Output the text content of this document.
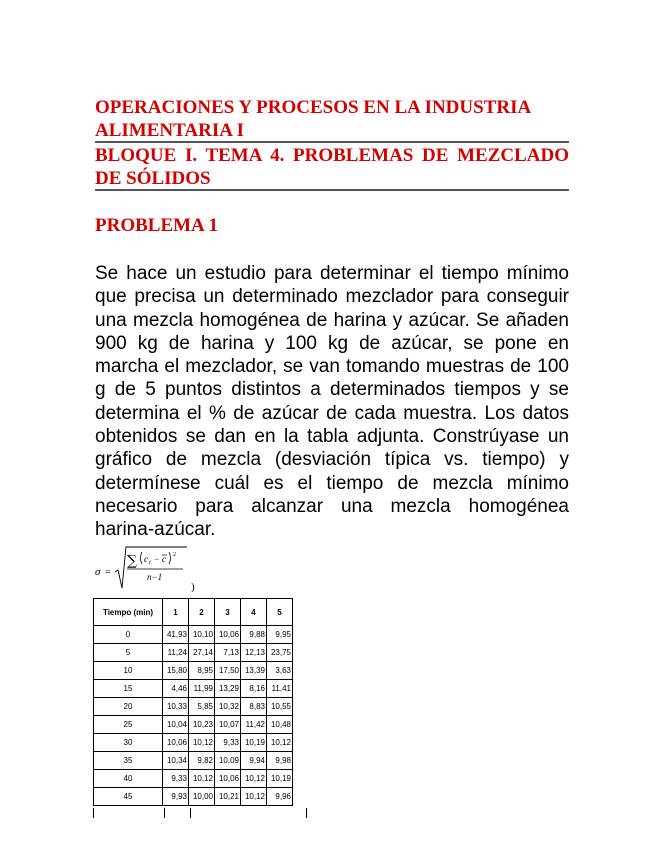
OPERACIONES Y PROCESOS EN LA INDUSTRIA ALIMENTARIA I
BLOQUE I. TEMA 4. PROBLEMAS DE MEZCLADO DE SÓLIDOS
PROBLEMA 1
Se hace un estudio para determinar el tiempo mínimo que precisa un determinado mezclador para conseguir una mezcla homogénea de harina y azúcar. Se añaden 900 kg de harina y 100 kg de azúcar, se pone en marcha el mezclador, se van tomando muestras de 100 g de 5 puntos distintos a determinados tiempos y se determina el % de azúcar de cada muestra. Los datos obtenidos se dan en la tabla adjunta. Constrúyase un gráfico de mezcla (desviación típica vs. tiempo) y determínese cuál es el tiempo de mezcla mínimo necesario para alcanzar una mezcla homogénea harina-azúcar.
σ =
∑ c i − c 2
n−1
)
Tiempo (min)	1	2	3	4	5
0	41,93	10,10	10,06	9,88	9,95
5	11,24	27,14	7,13	12,13	23,75
10	15,80	8,95	17,50	13,39	3,63
15	4,46	11,99	13,29	8,16	11,41
20	10,33	5,85	10,32	8,83	10,55
25	10,04	10,23	10,07	11,42	10,48
30	10,06	10,12	9,33	10,19	10,12
35	10,34	9,82	10,09	9,94	9,98
40	9,33	10,12	10,06	10,12	10,19
45	9,93	10,00	10,21	10,12	9,96
